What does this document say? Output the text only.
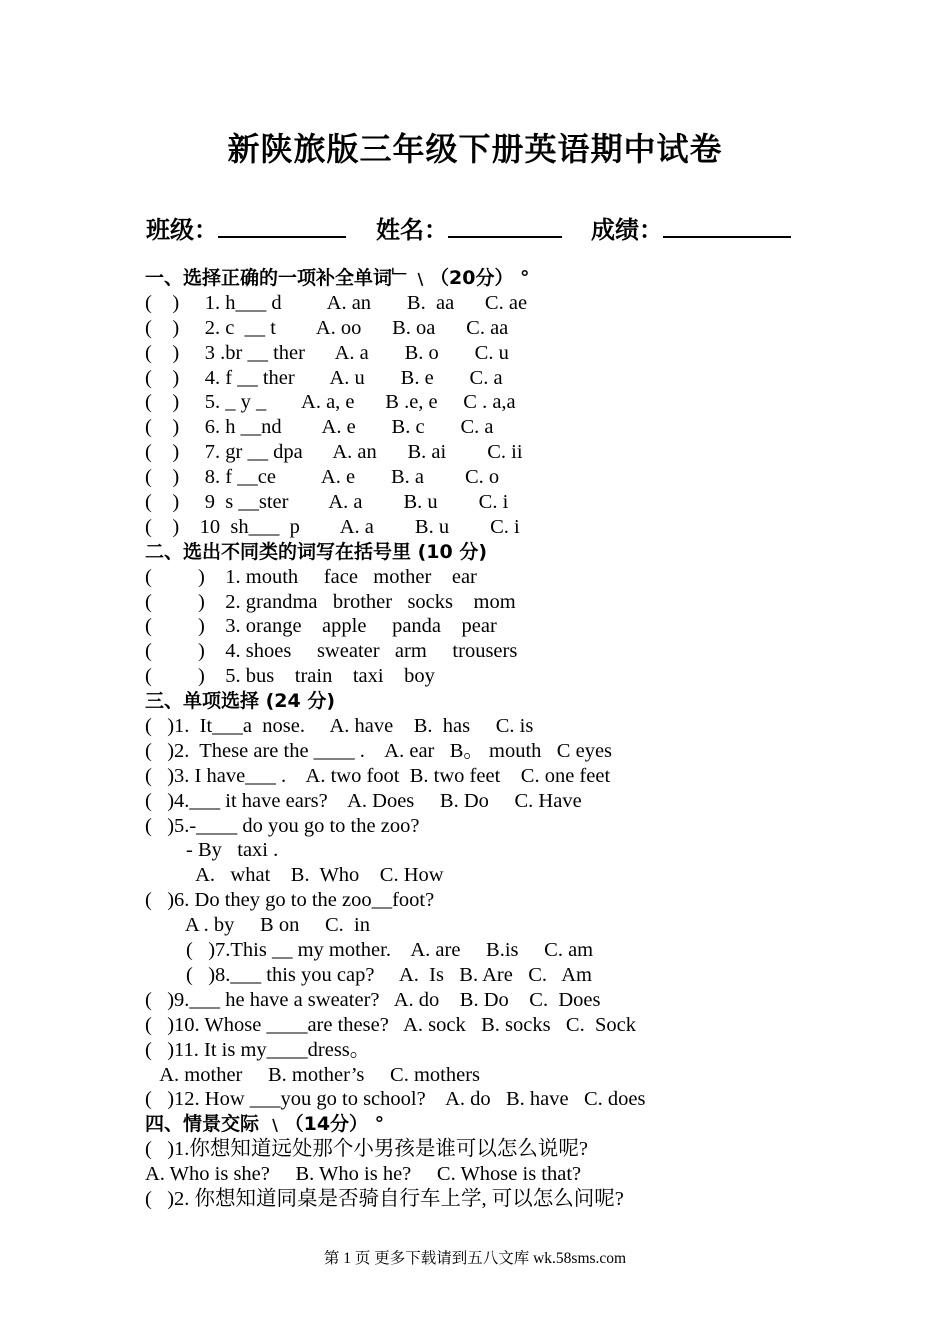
新陕旅版三年级下册英语期中试卷
班级：	姓名：	成绩：
一、选择正确的一项补全单词﹂﹨（20分） °
(    )     1. h___ d         A. an       B.  aa      C. ae
(    )     2. c  __ t        A. oo      B. oa      C. aa
(    )     3 .br __ ther      A. a       B. o       C. u
(    )     4. f __ ther       A. u       B. e       C. a
(    )     5. _ y _       A. a, e      B .e, e     C . a,a
(    )     6. h __nd        A. e       B. c       C. a
(    )     7. gr __ dpa      A. an      B. ai        C. ii
(    )     8. f __ce         A. e       B. a        C. o
(    )     9  s __ster        A. a        B. u        C. i
(    )    10  sh___  p        A. a        B. u        C. i
二、选出不同类的词写在括号里 (10 分)
(         )    1. mouth     face   mother    ear
(         )    2. grandma   brother   socks    mom
(         )    3. orange    apple     panda    pear
(         )    4. shoes     sweater   arm     trousers
(         )    5. bus    train    taxi    boy
三、单项选择 (24 分)
(   )1.  It___a  nose.     A. have    B.  has     C. is
(   )2.  These are the ____ .    A. ear   B。 mouth   C eyes
(   )3. I have___ .    A. two foot  B. two feet    C. one feet
(   )4.___ it have ears?    A. Does     B. Do     C. Have
(   )5.-____ do you go to the zoo?
- By   taxi .
A.   what    B.  Who    C. How
(   )6. Do they go to the zoo__foot?
A . by     B on     C.  in
(   )7.This __ my mother.    A. are     B.is     C. am
(   )8.___ this you cap?     A.  Is   B. Are   C.   Am
(   )9.___ he have a sweater?   A. do    B. Do    C.  Does
(   )10. Whose ____are these?   A. sock   B. socks   C.  Sock
(   )11. It is my____dress。
A. mother     B. mother’s     C. mothers
(   )12. How ___you go to school?    A. do   B. have   C. does
四、情景交际 ﹨（14分） °
(   )1.你想知道远处那个小男孩是谁可以怎么说呢?
A. Who is she?     B. Who is he?     C. Whose is that?
(   )2. 你想知道同桌是否骑自行车上学, 可以怎么问呢?
第 1 页 更多下载请到五八文库 wk.58sms.com
